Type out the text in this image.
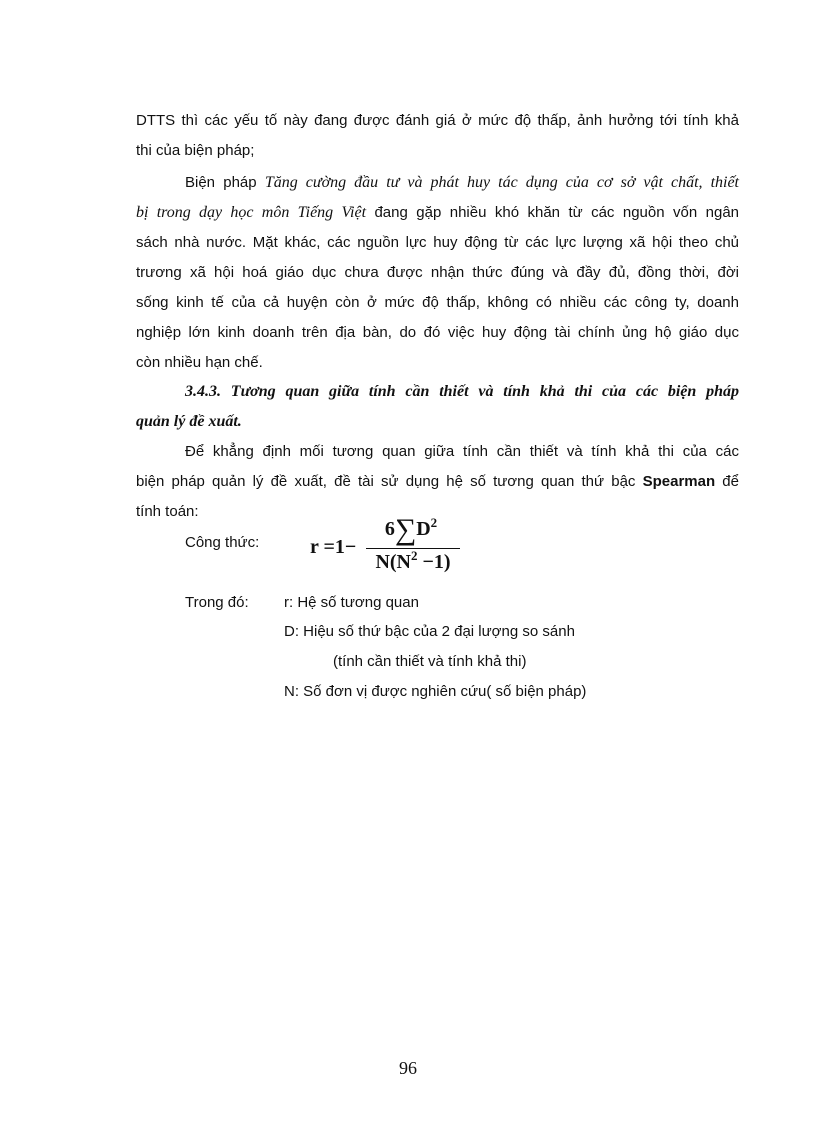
DTTS thì các yếu tố này đang được đánh giá ở mức độ thấp, ảnh hưởng tới tính khả
thi của biện pháp;
Biện pháp Tăng cường đầu tư và phát huy tác dụng của cơ sở vật chất, thiết
bị trong dạy học môn Tiếng Việt đang gặp nhiều khó khăn từ các nguồn vốn ngân
sách nhà nước. Mặt khác, các nguồn lực huy động từ các lực lượng xã hội theo chủ
trương xã hội hoá giáo dục chưa được nhận thức đúng và đầy đủ, đồng thời, đời
sống kinh tế của cả huyện còn ở mức độ thấp, không có nhiều các công ty, doanh
nghiệp lớn kinh doanh trên địa bàn, do đó việc huy động tài chính ủng hộ giáo dục
còn nhiều hạn chế.
3.4.3. Tương quan giữa tính cần thiết và tính khả thi của các biện pháp
quản lý đề xuất.
Để khẳng định mối tương quan giữa tính cần thiết và tính khả thi của các
biện pháp quản lý đề xuất, đề tài sử dụng hệ số tương quan thứ bậc Spearman để
tính toán:
Công thức:	r =1−
$6\sum D^2$
$N(N^2 -1)$
Trong đó:	r: Hệ số tương quan
D: Hiệu số thứ bậc của 2 đại lượng so sánh
(tính cần thiết và tính khả thi)
N: Số đơn vị được nghiên cứu( số biện pháp)
96
